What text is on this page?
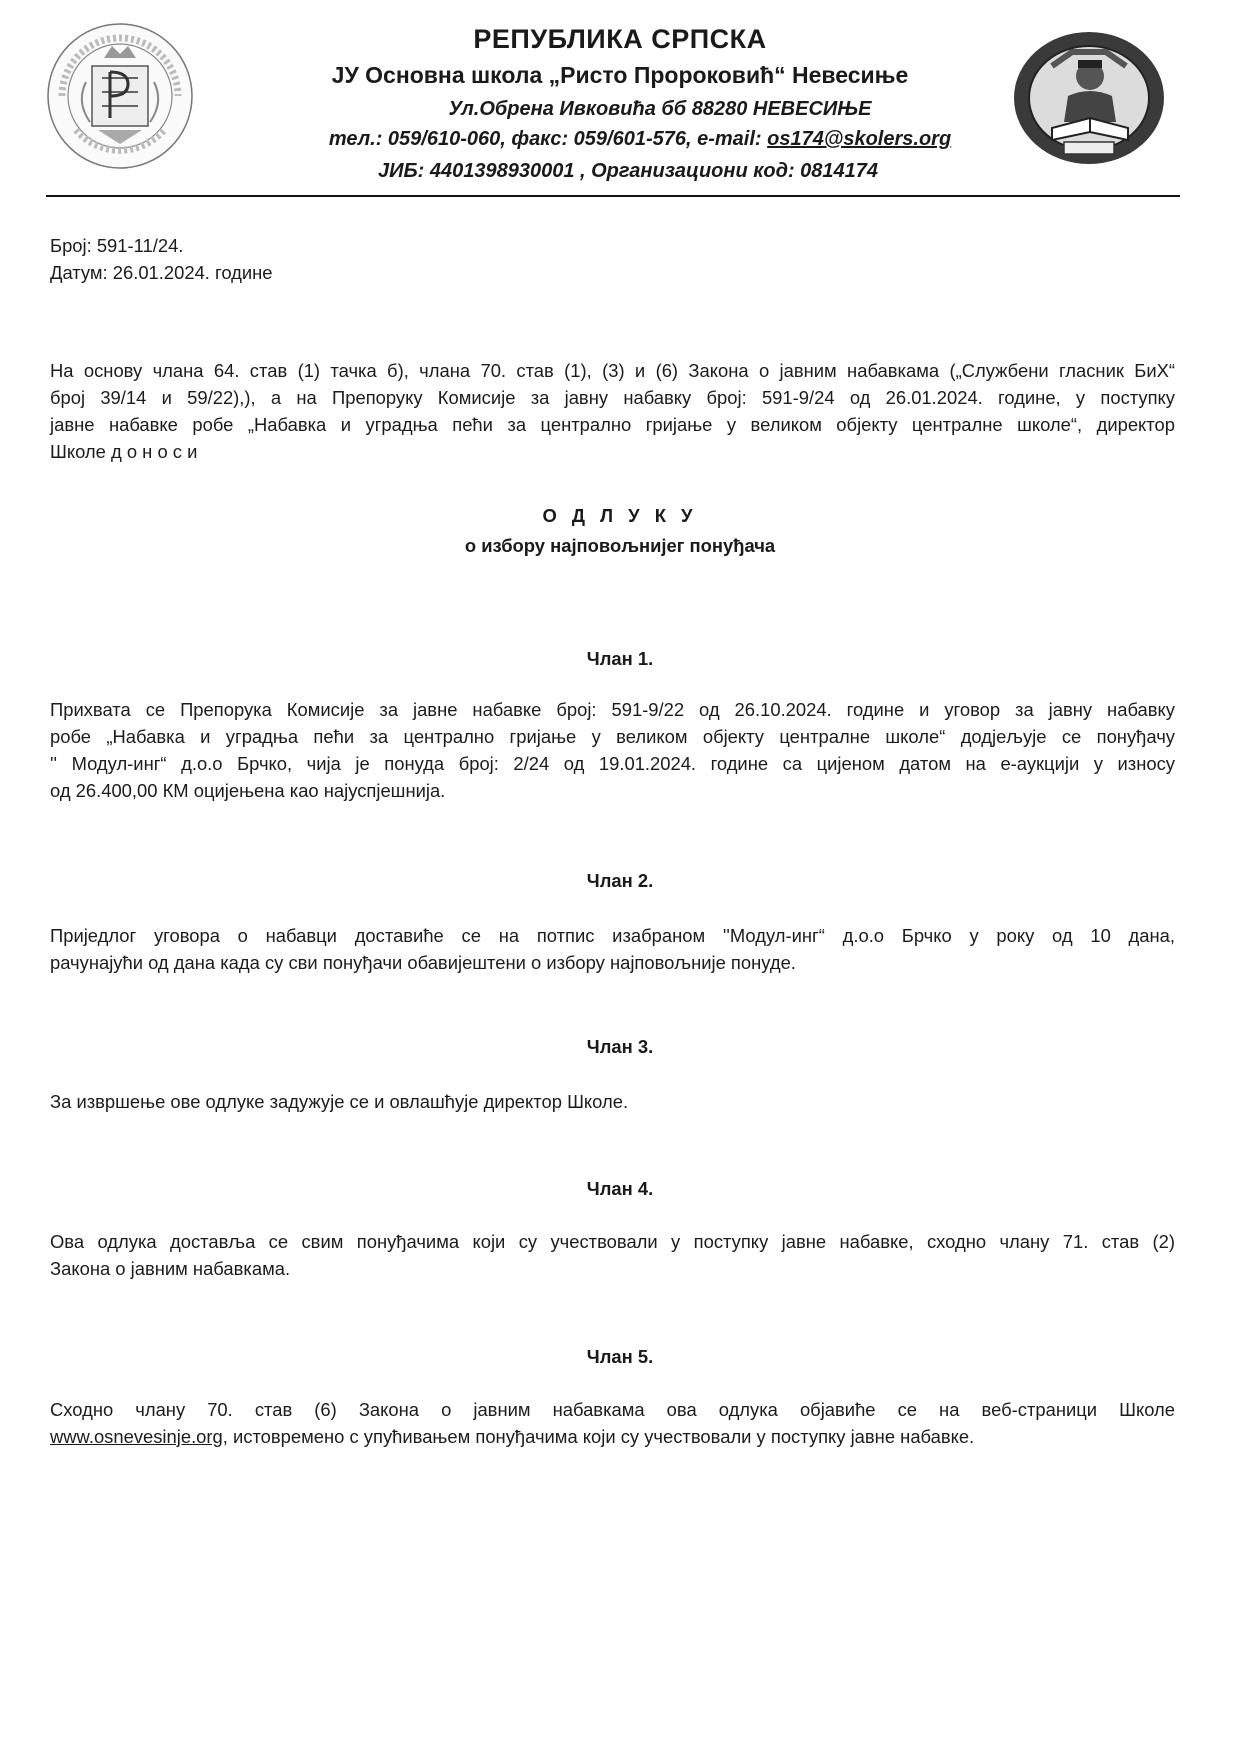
РЕПУБЛИКА СРПСКА
ЈУ Основна школа „Ристо Пророковић“ Невесиње
Ул.Обрена Ивковића бб 88280 НЕВЕСИЊЕ
тел.: 059/610-060, факс: 059/601-576, e-mail: os174@skolers.org
ЈИБ: 4401398930001 , Организациони код: 0814174
Број: 591-11/24.
Датум: 26.01.2024. године
На основу члана 64. став (1) тачка б), члана 70. став (1), (3) и (6) Закона о јавним набавкама („Службени гласник БиХ“
број 39/14 и 59/22),), а на Препоруку Комисије за јавну набавку број: 591-9/24 од 26.01.2024. године, у поступку
јавне набавке робе „Набавка и уградња пећи за централно гријање у великом објекту централне школе“, директор
Школе д о н о с и
О Д Л У К У
о избору најповољнијег понуђача
Члан 1.
Прихвата се Препорука Комисије за јавне набавке број: 591-9/22 од 26.10.2024. године и уговор за јавну набавку
робе „Набавка и уградња пећи за централно гријање у великом објекту централне школе“ додјељује се понуђачу
'' Модул-инг“ д.о.о Брчко, чија је понуда број: 2/24 од 19.01.2024. године са цијеном датом на е-аукцији у износу
од 26.400,00 КМ оцијењена као најуспјешнија.
Члан 2.
Приједлог уговора о набавци доставиће се на потпис изабраном ''Модул-инг“ д.о.о Брчко у року од 10 дана,
рачунајући од дана када су сви понуђачи обавијештени о избору најповољније понуде.
Члан 3.
За извршење ове одлуке задужује се и овлашћује директор Школе.
Члан 4.
Ова одлука доставља се свим понуђачима који су учествовали у поступку јавне набавке, сходно члану 71. став (2)
Закона о јавним набавкама.
Члан 5.
Сходно члану 70. став (6) Закона о јавним набавкама ова одлука објавиће се на веб-страници Школе
www.osnevesinje.org, истовремено с упућивањем понуђачима који су учествовали у поступку јавне набавке.
